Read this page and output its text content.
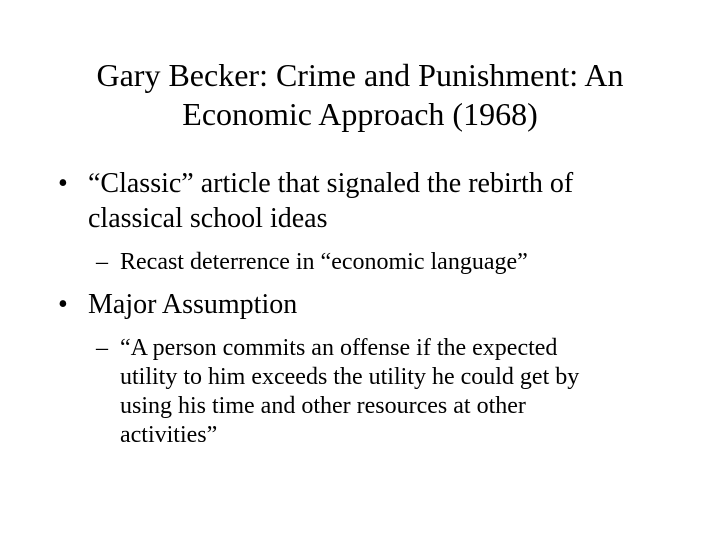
Gary Becker: Crime and Punishment: An
Economic Approach (1968)
• “Classic” article that signaled the rebirth of
classical school ideas
– Recast deterrence in “economic language”
• Major Assumption
– “A person commits an offense if the expected
utility to him exceeds the utility he could get by
using his time and other resources at other
activities”
